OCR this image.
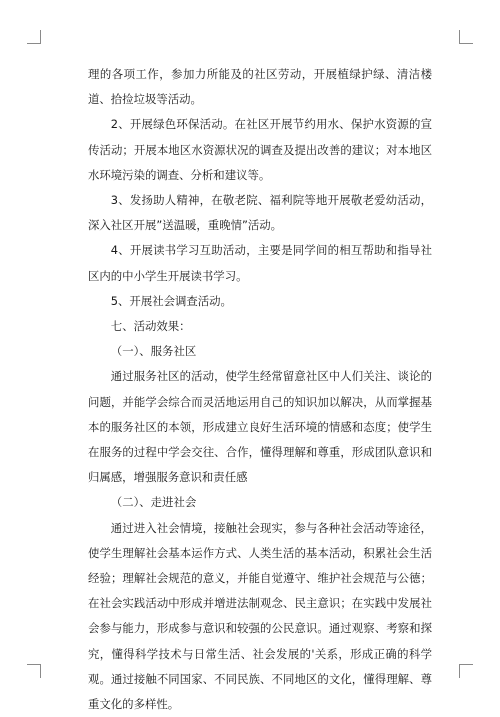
理的各项工作，参加力所能及的社区劳动，开展植绿护绿、清洁楼道、拾捡垃圾等活动。

2、开展绿色环保活动。在社区开展节约用水、保护水资源的宣传活动；开展本地区水资源状况的调查及提出改善的建议；对本地区水环境污染的调查、分析和建议等。

3、发扬助人精神，在敬老院、福利院等地开展敬老爱幼活动，深入社区开展”送温暖，重晚情”活动。

4、开展读书学习互助活动，主要是同学间的相互帮助和指导社区内的中小学生开展读书学习。

5、开展社会调查活动。

七、活动效果：

（一）、服务社区

通过服务社区的活动，使学生经常留意社区中人们关注、谈论的问题，并能学会综合而灵活地运用自己的知识加以解决，从而掌握基本的服务社区的本领，形成建立良好生活环境的情感和态度；使学生在服务的过程中学会交往、合作，懂得理解和尊重，形成团队意识和归属感，增强服务意识和责任感

（二）、走进社会

通过进入社会情境，接触社会现实，参与各种社会活动等途径，使学生理解社会基本运作方式、人类生活的基本活动，积累社会生活经验；理解社会规范的意义，并能自觉遵守、维护社会规范与公德；在社会实践活动中形成并增进法制观念、民主意识；在实践中发展社会参与能力，形成参与意识和较强的公民意识。通过观察、考察和探究，懂得科学技术与日常生活、社会发展的'关系，形成正确的科学观。通过接触不同国家、不同民族、不同地区的文化，懂得理解、尊重文化的多样性。
